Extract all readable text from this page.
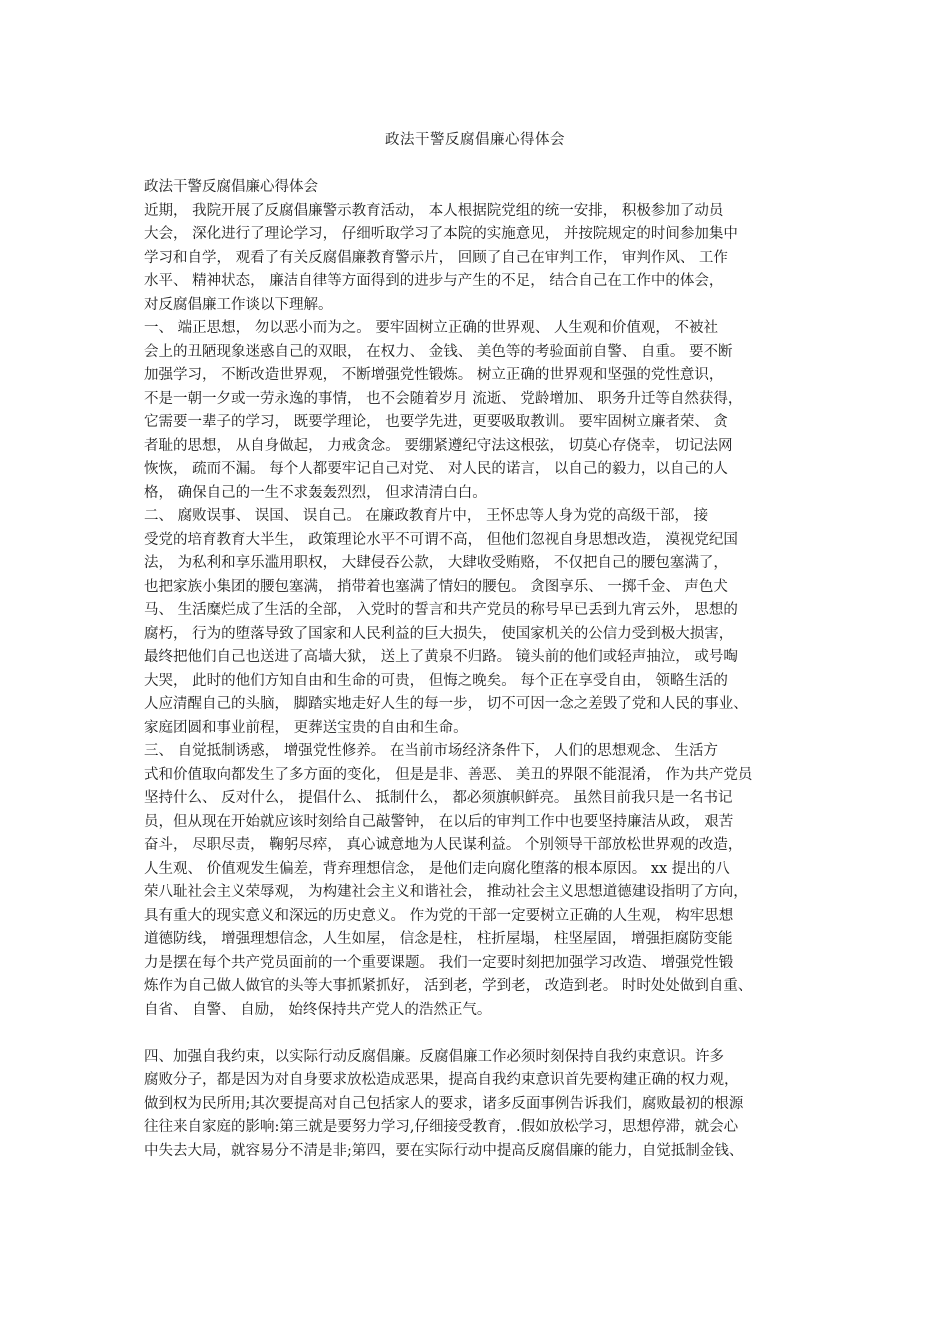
政法干警反腐倡廉心得体会
政法干警反腐倡廉心得体会
近期， 我院开展了反腐倡廉警示教育活动， 本人根据院党组的统一安排， 积极参加了动员
大会， 深化进行了理论学习， 仔细听取学习了本院的实施意见， 并按院规定的时间参加集中
学习和自学， 观看了有关反腐倡廉教育警示片， 回顾了自己在审判工作， 审判作风、 工作
水平、 精神状态， 廉洁自律等方面得到的进步与产生的不足， 结合自己在工作中的体会，
对反腐倡廉工作谈以下理解。
一、 端正思想， 勿以恶小而为之。 要牢固树立正确的世界观、 人生观和价值观， 不被社
会上的丑陋现象迷惑自己的双眼， 在权力、 金钱、 美色等的考验面前自警、 自重。 要不断
加强学习， 不断改造世界观， 不断增强党性锻炼。 树立正确的世界观和坚强的党性意识，
不是一朝一夕或一劳永逸的事情， 也不会随着岁月 流逝、 党龄增加、 职务升迁等自然获得，
它需要一辈子的学习， 既要学理论， 也要学先进，更要吸取教训。 要牢固树立廉者荣、 贪
者耻的思想， 从自身做起， 力戒贪念。 要绷紧遵纪守法这根弦， 切莫心存侥幸， 切记法网
恢恢， 疏而不漏。 每个人都要牢记自己对党、 对人民的诺言， 以自己的毅力，以自己的人
格， 确保自己的一生不求轰轰烈烈， 但求清清白白。
二、 腐败误事、 误国、 误自己。 在廉政教育片中， 王怀忠等人身为党的高级干部， 接
受党的培育教育大半生， 政策理论水平不可谓不高， 但他们忽视自身思想改造， 漠视党纪国
法， 为私利和享乐滥用职权， 大肆侵吞公款， 大肆收受贿赂， 不仅把自己的腰包塞满了，
也把家族小集团的腰包塞满， 捎带着也塞满了情妇的腰包。 贪图享乐、 一掷千金、 声色犬
马、 生活糜烂成了生活的全部， 入党时的誓言和共产党员的称号早已丢到九宵云外， 思想的
腐朽， 行为的堕落导致了国家和人民利益的巨大损失， 使国家机关的公信力受到极大损害，
最终把他们自己也送进了高墙大狱， 送上了黄泉不归路。 镜头前的他们或轻声抽泣， 或号啕
大哭， 此时的他们方知自由和生命的可贵， 但悔之晚矣。 每个正在享受自由， 领略生活的
人应清醒自己的头脑， 脚踏实地走好人生的每一步， 切不可因一念之差毁了党和人民的事业、
家庭团圆和事业前程， 更葬送宝贵的自由和生命。
三、 自觉抵制诱惑， 增强党性修养。 在当前市场经济条件下， 人们的思想观念、 生活方
式和价值取向都发生了多方面的变化， 但是是非、善恶、 美丑的界限不能混淆， 作为共产党员
坚持什么、 反对什么， 提倡什么、 抵制什么， 都必须旗帜鲜亮。 虽然目前我只是一名书记
员，但从现在开始就应该时刻给自己敲警钟， 在以后的审判工作中也要坚持廉洁从政， 艰苦
奋斗， 尽职尽责， 鞠躬尽瘁， 真心诚意地为人民谋利益。 个别领导干部放松世界观的改造，
人生观、 价值观发生偏差，背弃理想信念， 是他们走向腐化堕落的根本原因。 xx 提出的八
荣八耻社会主义荣辱观， 为构建社会主义和谐社会， 推动社会主义思想道德建设指明了方向，
具有重大的现实意义和深远的历史意义。 作为党的干部一定要树立正确的人生观， 构牢思想
道德防线， 增强理想信念，人生如屋， 信念是柱， 柱折屋塌， 柱坚屋固， 增强拒腐防变能
力是摆在每个共产党员面前的一个重要课题。 我们一定要时刻把加强学习改造、 增强党性锻
炼作为自己做人做官的头等大事抓紧抓好， 活到老，学到老， 改造到老。 时时处处做到自重、
自省、 自警、 自励， 始终保持共产党人的浩然正气。
四、加强自我约束，以实际行动反腐倡廉。反腐倡廉工作必须时刻保持自我约束意识。许多
腐败分子，都是因为对自身要求放松造成恶果，提高自我约束意识首先要构建正确的权力观，
做到权为民所用;其次要提高对自己包括家人的要求，诸多反面事例告诉我们，腐败最初的根源
往往来自家庭的影响:第三就是要努力学习,仔细接受教育，.假如放松学习，思想停滞，就会心
中失去大局，就容易分不清是非;第四，要在实际行动中提高反腐倡廉的能力，自觉抵制金钱、
